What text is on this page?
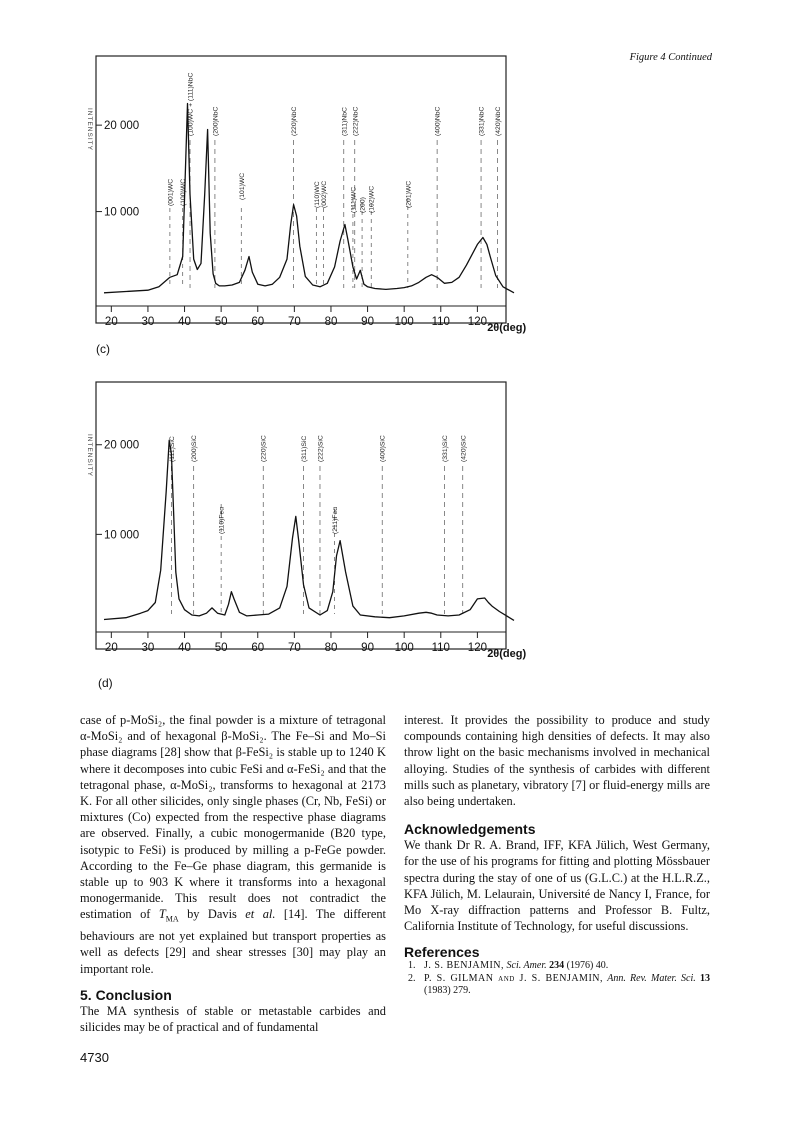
Figure 4 Continued
INTENSITY 20 000
10 000
20 30 40 50 60 70 80 90 100 110 120 2θ(deg)
(100)WC + (111)NbC	(200)NbC	(220)NbC	(311)NbC (222)NbC	(400)NbC	(331)NbC (420)NbC
(001)WC (100)WC	(101)WC	(110)WC (002)WC	(111)WC (200) (102)WC	(201)WC
(c)
INTENSITY 20 000
10 000
20 30 40 50 60 70 80 90 100 110 120 2θ(deg)
(111)SiC (200)SiC	(220)SiC	(311)SiC (222)SiC	(400)SiC	(331)SiC (420)SiC
(110)Feα	(211)Feα
(d)

case of p-MoSi₂, the final powder is a mixture of tetragonal α-MoSi₂ and of hexagonal β-MoSi₂. The Fe–Si and Mo–Si phase diagrams [28] show that β-FeSi₂ is stable up to 1240 K where it decomposes into cubic FeSi and α-FeSi₂ and that the tetragonal phase, α-MoSi₂, transforms to hexagonal at 2173 K. For all other silicides, only single phases (Cr, Nb, FeSi) or mixtures (Co) expected from the respective phase diagrams are observed. Finally, a cubic monogermanide (B20 type, isotypic to FeSi) is produced by milling a p-FeGe powder. According to the Fe–Ge phase diagram, this germanide is stable up to 903 K where it transforms into a hexagonal monogermanide. This result does not contradict the estimation of $T_{MA}$ by Davis et al. [14]. The different behaviours are not yet explained but transport properties as well as defects [29] and shear stresses [30] may play an important role.

5. Conclusion

The MA synthesis of stable or metastable carbides and silicides may be of practical and of fundamental

interest. It provides the possibility to produce and study compounds containing high densities of defects. It may also throw light on the basic mechanisms involved in mechanical alloying. Studies of the synthesis of carbides with different mills such as planetary, vibratory [7] or fluid-energy mills are also being undertaken.

Acknowledgements

We thank Dr R. A. Brand, IFF, KFA Jülich, West Germany, for the use of his programs for fitting and plotting Mössbauer spectra during the stay of one of us (G.L.C.) at the H.L.R.Z., KFA Jülich, M. Lelaurain, Université de Nancy I, France, for Mo X-ray diffraction patterns and Professor B. Fultz, California Institute of Technology, for useful discussions.

References
1. J. S. BENJAMIN, Sci. Amer. 234 (1976) 40.
2. P. S. GILMAN and J. S. BENJAMIN, Ann. Rev. Mater. Sci. 13 (1983) 279.
4730
